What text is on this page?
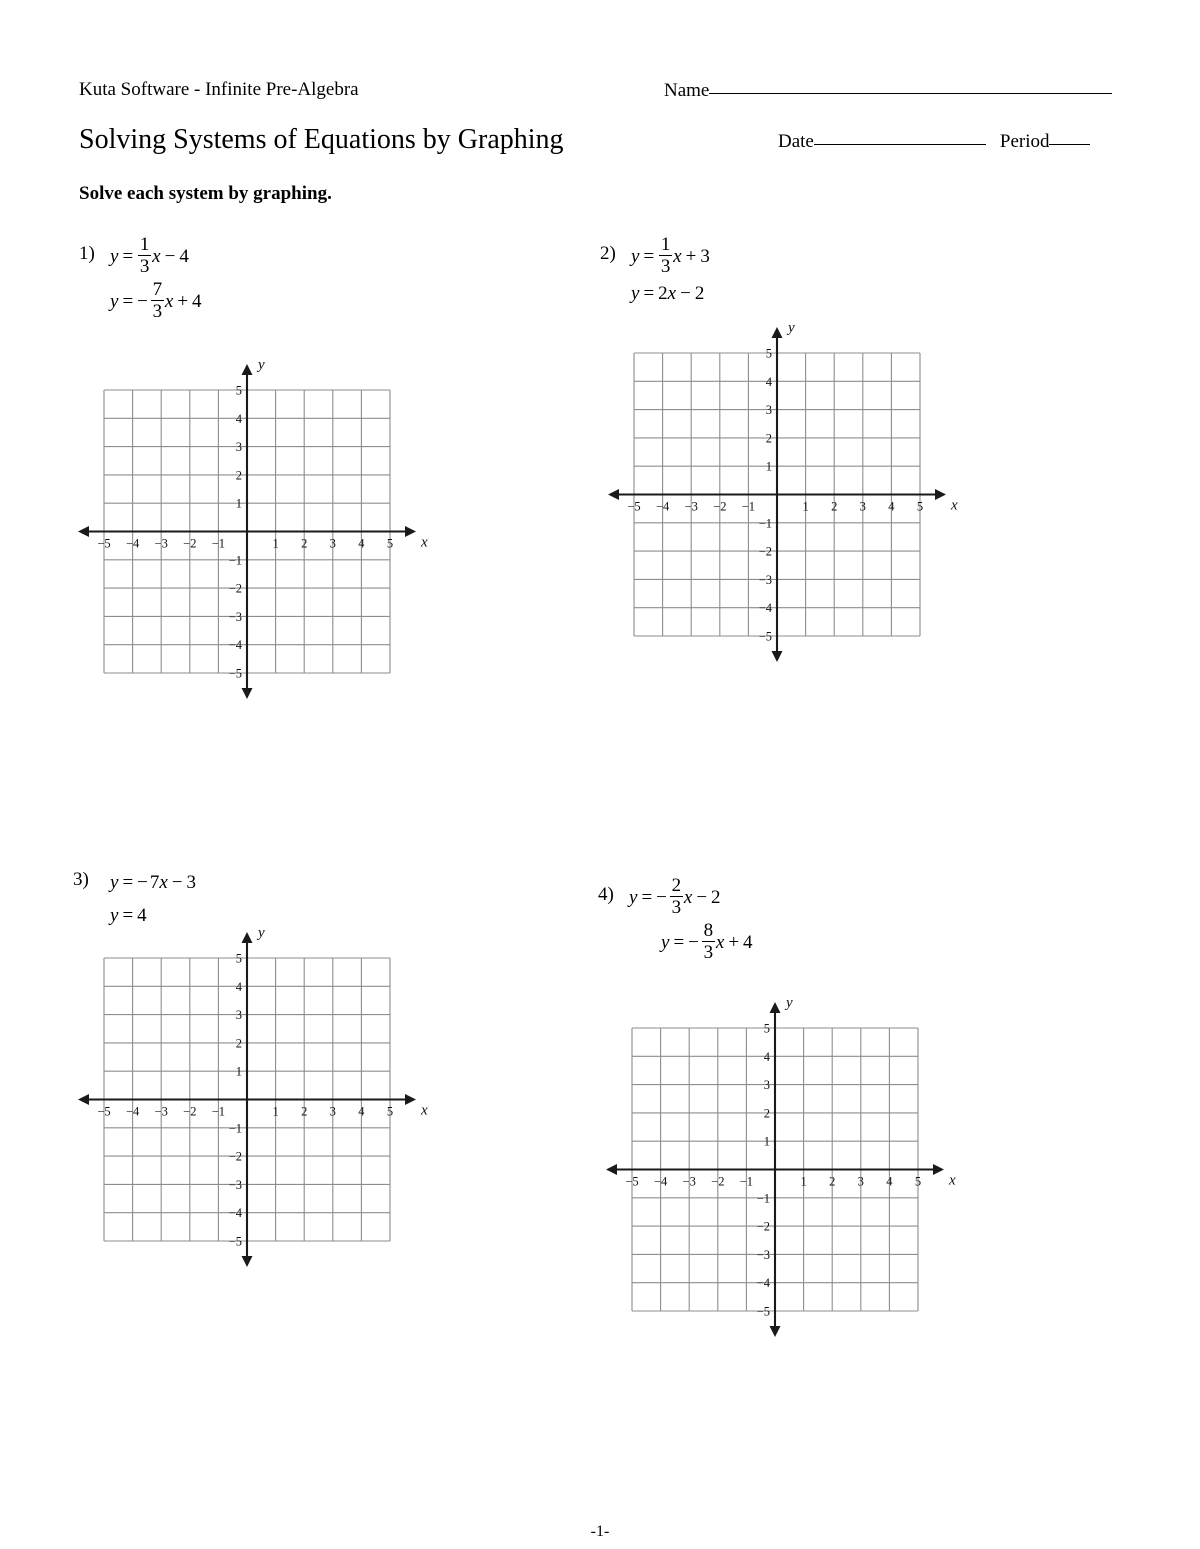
Kuta Software - Infinite Pre-Algebra
Solving Systems of Equations by Graphing
Name
Date	Period
Solve each system by graphing.
1) $y = \frac{1}{3}$ x − 4
y = − $\frac{7}{3}$ x + 4
−5 −4 −3 −2 −1	1 2 3 4 5
5
4
3
2
1
−1
−2
−3
−4
−5
x
y
2) $y = \frac{1}{3}$ x + 3
y = 2 x − 2
−5 −4 −3 −2 −1	1 2 3 4 5
5
4
3
2
1
−1
−2
−3
−4
−5
x
y
3) y = − 7 x − 3
y = 4
−5 −4 −3 −2 −1	1 2 3 4 5
5
4
3
2
1
−1
−2
−3
−4
−5
x
y
4) y = − $\frac{2}{3}$ x − 2
y = − $\frac{8}{3}$ x + 4
−5 −4 −3 −2 −1	1 2 3 4 5
5
4
3
2
1
−1
−2
−3
−4
−5
x
y
-1-
